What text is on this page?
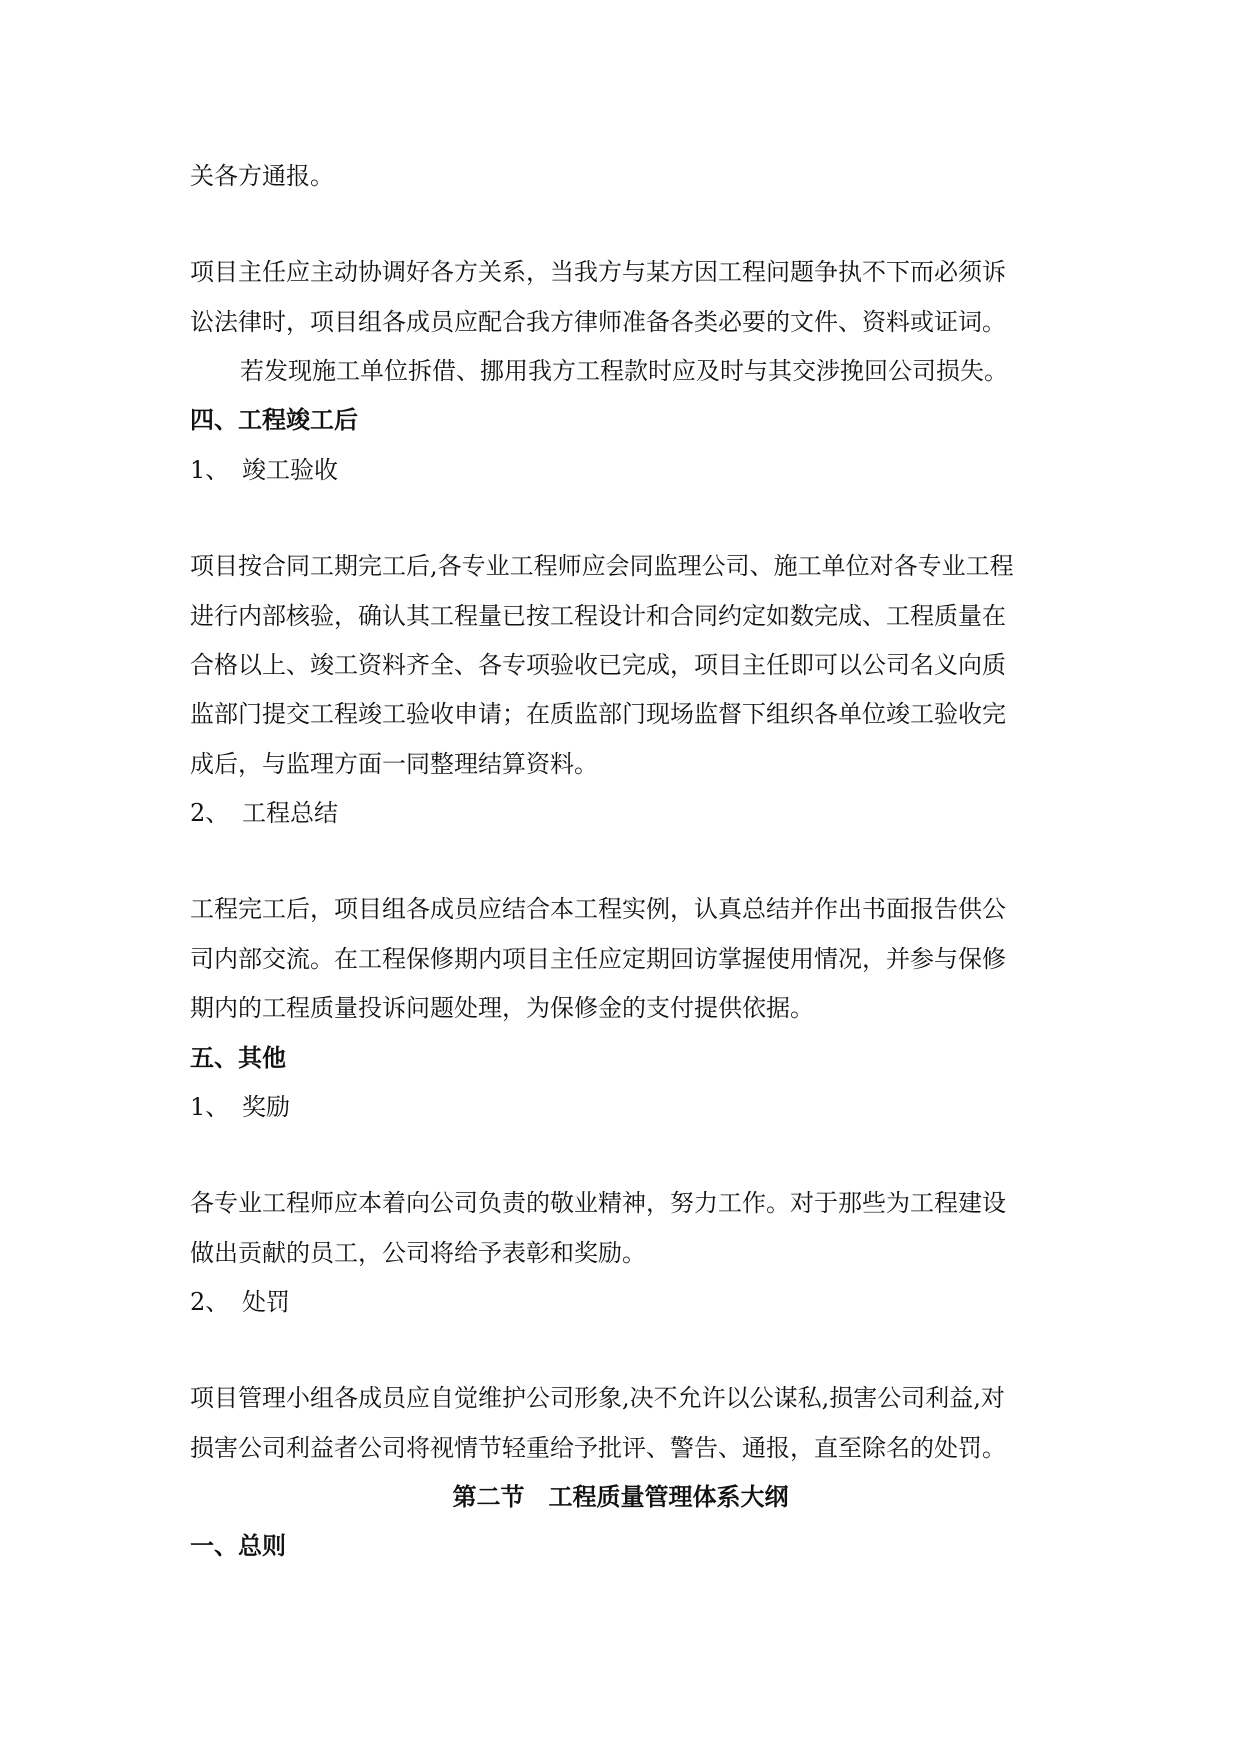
关各方通报。
项目主任应主动协调好各方关系，当我方与某方因工程问题争执不下而必须诉
讼法律时，项目组各成员应配合我方律师准备各类必要的文件、资料或证词。
若发现施工单位拆借、挪用我方工程款时应及时与其交涉挽回公司损失。
四、工程竣工后
1、 竣工验收
项目按合同工期完工后,各专业工程师应会同监理公司、施工单位对各专业工程
进行内部核验，确认其工程量已按工程设计和合同约定如数完成、工程质量在
合格以上、竣工资料齐全、各专项验收已完成，项目主任即可以公司名义向质
监部门提交工程竣工验收申请；在质监部门现场监督下组织各单位竣工验收完
成后，与监理方面一同整理结算资料。
2、 工程总结
工程完工后，项目组各成员应结合本工程实例，认真总结并作出书面报告供公
司内部交流。在工程保修期内项目主任应定期回访掌握使用情况，并参与保修
期内的工程质量投诉问题处理，为保修金的支付提供依据。
五、其他
1、 奖励
各专业工程师应本着向公司负责的敬业精神，努力工作。对于那些为工程建设
做出贡献的员工，公司将给予表彰和奖励。
2、 处罚
项目管理小组各成员应自觉维护公司形象,决不允许以公谋私,损害公司利益,对
损害公司利益者公司将视情节轻重给予批评、警告、通报，直至除名的处罚。
第二节　工程质量管理体系大纲
一、总则
